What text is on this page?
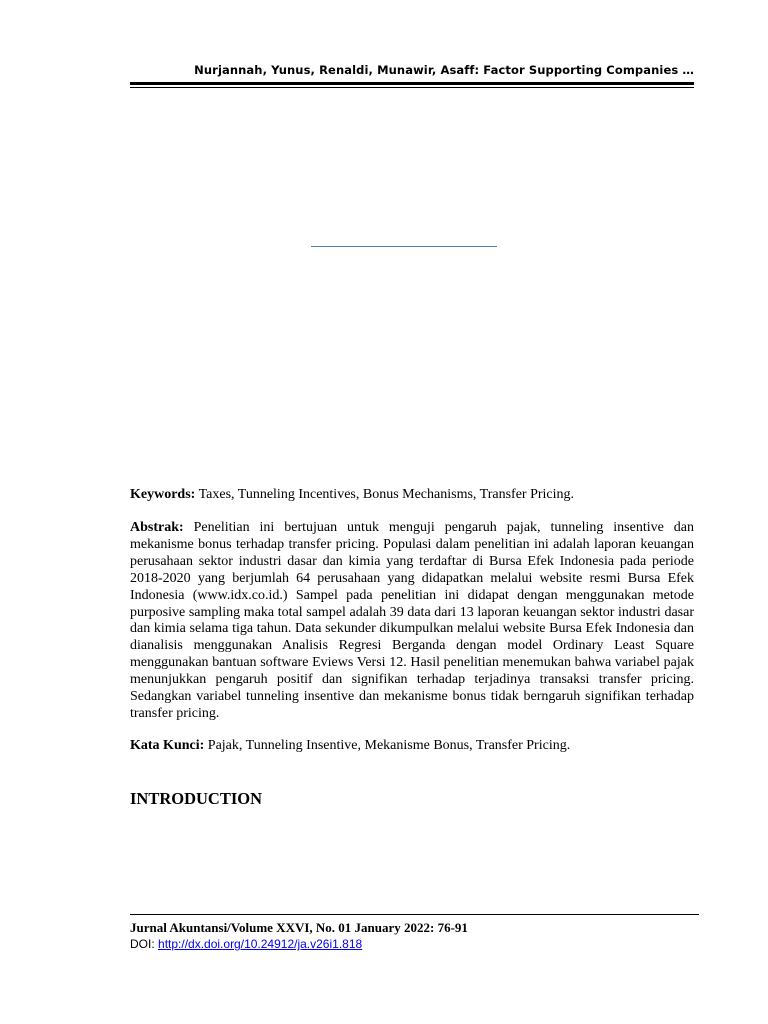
Nurjannah, Yunus, Renaldi, Munawir, Asaff: Factor Supporting Companies …

Keywords: Taxes, Tunneling Incentives, Bonus Mechanisms, Transfer Pricing.

Abstrak: Penelitian ini bertujuan untuk menguji pengaruh pajak, tunneling insentive dan mekanisme bonus terhadap transfer pricing. Populasi dalam penelitian ini adalah laporan keuangan perusahaan sektor industri dasar dan kimia yang terdaftar di Bursa Efek Indonesia pada periode 2018-2020 yang berjumlah 64 perusahaan yang didapatkan melalui website resmi Bursa Efek Indonesia (www.idx.co.id.) Sampel pada penelitian ini didapat dengan menggunakan metode purposive sampling maka total sampel adalah 39 data dari 13 laporan keuangan sektor industri dasar dan kimia selama tiga tahun. Data sekunder dikumpulkan melalui website Bursa Efek Indonesia dan dianalisis menggunakan Analisis Regresi Berganda dengan model Ordinary Least Square menggunakan bantuan software Eviews Versi 12. Hasil penelitian menemukan bahwa variabel pajak menunjukkan pengaruh positif dan signifikan terhadap terjadinya transaksi transfer pricing. Sedangkan variabel tunneling insentive dan mekanisme bonus tidak berngaruh signifikan terhadap transfer pricing.

Kata Kunci: Pajak, Tunneling Insentive, Mekanisme Bonus, Transfer Pricing.

INTRODUCTION
Jurnal Akuntansi/Volume XXVI, No. 01 January 2022: 76-91
DOI: http://dx.doi.org/10.24912/ja.v26i1.818
